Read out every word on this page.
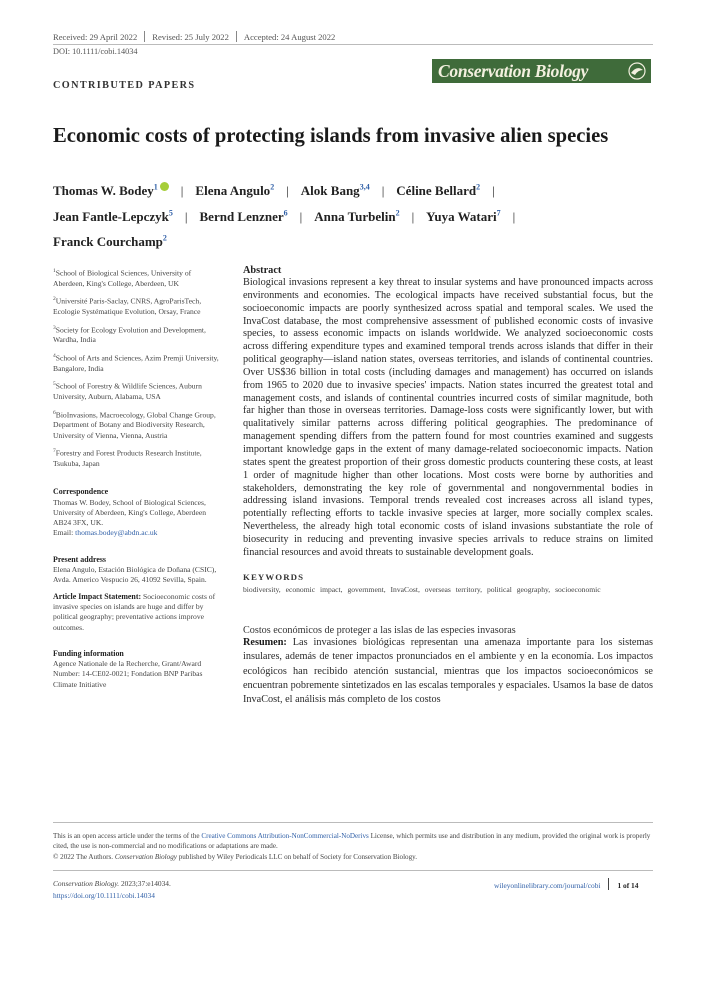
Received: 29 April 2022 Revised: 25 July 2022 Accepted: 24 August 2022
DOI: 10.1111/cobi.14034
CONTRIBUTED PAPERS
Conservation Biology
Economic costs of protecting islands from invasive alien species
Thomas W. Bodey$^1$ | Elena Angulo$^2$ | Alok Bang$^{3,4}$ | Céline Bellard$^2$ |
Jean Fantle-Lepczyk$^5$ | Bernd Lenzner$^6$ | Anna Turbelin$^2$ | Yuya Watari$^7$ |
Franck Courchamp$^2$

$^1$School of Biological Sciences, University of Aberdeen, King's College, Aberdeen, UK

$^2$Université Paris-Saclay, CNRS, AgroParisTech, Ecologie Systématique Evolution, Orsay, France

$^3$Society for Ecology Evolution and Development, Wardha, India

$^4$School of Arts and Sciences, Azim Premji University, Bangalore, India

$^5$School of Forestry & Wildlife Sciences, Auburn University, Auburn, Alabama, USA

$^6$BioInvasions, Macroecology, Global Change Group, Department of Botany and Biodiversity Research, University of Vienna, Vienna, Austria

$^7$Forestry and Forest Products Research Institute, Tsukuba, Japan

Correspondence

Thomas W. Bodey, School of Biological Sciences, University of Aberdeen, King's College, Aberdeen AB24 3FX, UK.

Email: thomas.bodey@abdn.ac.uk

Present address

Elena Angulo, Estación Biológica de Doñana (CSIC), Avda. Americo Vespucio 26, 41092 Sevilla, Spain.

Article Impact Statement: Socioeconomic costs of invasive species on islands are huge and differ by political geography; preventative actions improve outcomes.

Funding information

Agence Nationale de la Recherche, Grant/Award Number: 14-CE02-0021; Fondation BNP Paribas Climate Initiative

Abstract

Biological invasions represent a key threat to insular systems and have pronounced impacts across environments and economies. The ecological impacts have received substantial focus, but the socioeconomic impacts are poorly synthesized across spatial and temporal scales. We used the InvaCost database, the most comprehensive assessment of published economic costs of invasive species, to assess economic impacts on islands worldwide. We analyzed socioeconomic costs across differing expenditure types and examined temporal trends across islands that differ in their political geography—island nation states, overseas territories, and islands of continental countries. Over US$36 billion in total costs (including damages and management) has occurred on islands from 1965 to 2020 due to invasive species' impacts. Nation states incurred the greatest total and management costs, and islands of continental countries incurred costs of similar magnitude, both far higher than those in overseas territories. Damage-loss costs were significantly lower, but with qualitatively similar patterns across differing political geographies. The predominance of management spending differs from the pattern found for most countries examined and suggests important knowledge gaps in the extent of many damage-related socioeconomic impacts. Nation states spent the greatest proportion of their gross domestic products countering these costs, at least 1 order of magnitude higher than other locations. Most costs were borne by authorities and stakeholders, demonstrating the key role of governmental and nongovernmental bodies in addressing island invasions. Temporal trends revealed cost increases across all island types, potentially reflecting efforts to tackle invasive species at larger, more socially complex scales. Nevertheless, the already high total economic costs of island invasions substantiate the role of biosecurity in reducing and preventing invasive species arrivals to reduce strains on limited financial resources and avoid threats to sustainable development goals.

KEYWORDS
biodiversity, economic impact, government, InvaCost, overseas territory, political geography, socioeconomic
Costos económicos de proteger a las islas de las especies invasoras

Resumen: Las invasiones biológicas representan una amenaza importante para los sistemas insulares, además de tener impactos pronunciados en el ambiente y en la economía. Los impactos ecológicos han recibido atención sustancial, mientras que los impactos socioeconómicos se encuentran pobremente sintetizados en las escalas temporales y espaciales. Usamos la base de datos InvaCost, el análisis más completo de los costos

This is an open access article under the terms of the Creative Commons Attribution-NonCommercial-NoDerivs License, which permits use and distribution in any medium, provided the original work is properly cited, the use is non-commercial and no modifications or adaptations are made.

© 2022 The Authors. Conservation Biology published by Wiley Periodicals LLC on behalf of Society for Conservation Biology.

Conservation Biology. 2023;37:e14034.
https://doi.org/10.1111/cobi.14034
wileyonlinelibrary.com/journal/cobi 1 of 14
